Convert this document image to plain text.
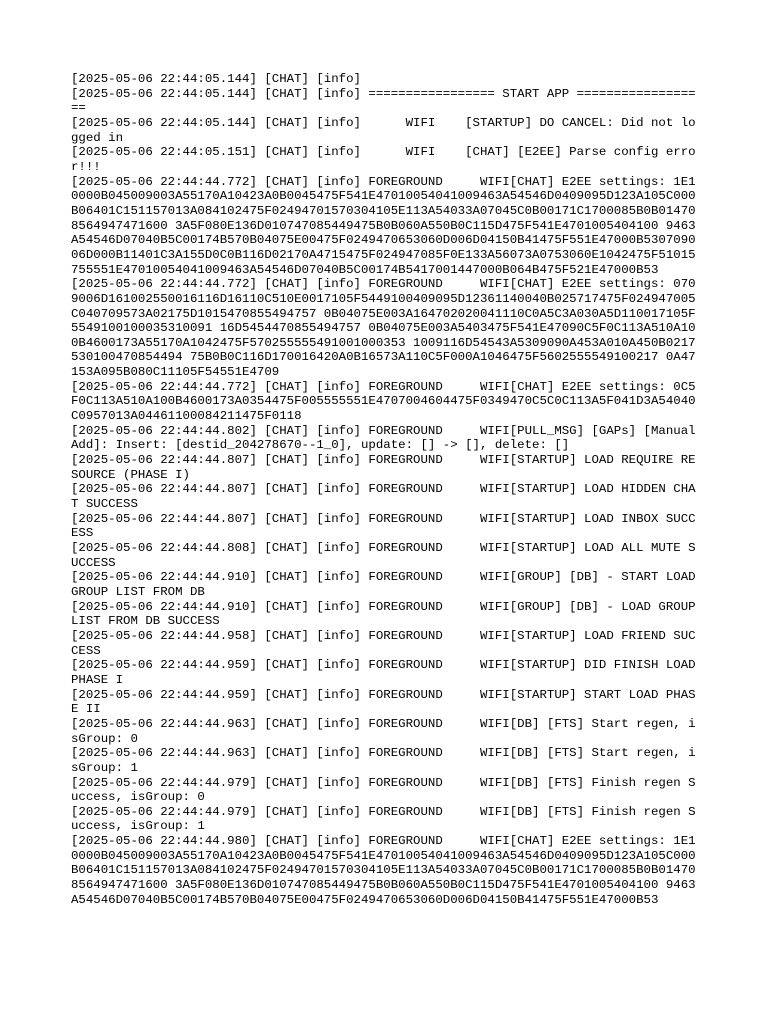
[2025-05-06 22:44:05.144] [CHAT] [info]

[2025-05-06 22:44:05.144] [CHAT] [info] ================= START APP ==================

[2025-05-06 22:44:05.144] [CHAT] [info]      WIFI    [STARTUP] DO CANCEL: Did not logged in

[2025-05-06 22:44:05.151] [CHAT] [info]      WIFI    [CHAT] [E2EE] Parse config error!!!

[2025-05-06 22:44:44.772] [CHAT] [info] FOREGROUND     WIFI[CHAT] E2EE settings: 1E10000B045009003A55170A10423A0B0045475F541E47010054041009463A54546D0409095D123A105C000B06401C151157013A084102475F02494701570304105E113A54033A07045C0B00171C1700085B0B014708564947471600 3A5F080E136D010747085449475B0B060A550B0C115D475F541E4701005404100 9463A54546D07040B5C00174B570B04075E00475F0249470653060D006D04150B41475F551E47000B530709006D000B11401C3A155D0C0B116D02170A4715475F024947085F0E133A56073A0753060E1042475F51015755551E47010054041009463A54546D07040B5C00174B5417001447000B064B475F521E47000B53

[2025-05-06 22:44:44.772] [CHAT] [info] FOREGROUND     WIFI[CHAT] E2EE settings: 0709006D161002550016116D16110C510E0017105F5449100409095D12361140040B025717475F024947005C040709573A02175D1015470855494757 0B04075E003A164702020041110C0A5C3A030A5D110017105F5549100100035310091 16D5454470855494757 0B04075E003A5403475F541E47090C5F0C113A510A100B4600173A55170A1042475F570255555491001000353 1009116D54543A5309090A453A010A450B0217530100470854494 75B0B0C116D170016420A0B16573A110C5F000A1046475F5602555549100217 0A47153A095B080C11105F54551E4709

[2025-05-06 22:44:44.772] [CHAT] [info] FOREGROUND     WIFI[CHAT] E2EE settings: 0C5F0C113A510A100B4600173A0354475F005555551E4707004604475F0349470C5C0C113A5F041D3A54040C0957013A04461100084211475F0118

[2025-05-06 22:44:44.802] [CHAT] [info] FOREGROUND     WIFI[PULL_MSG] [GAPs] [ManualAdd]: Insert: [destid_204278670--1_0], update: [] -> [], delete: []

[2025-05-06 22:44:44.807] [CHAT] [info] FOREGROUND     WIFI[STARTUP] LOAD REQUIRE RESOURCE (PHASE I)

[2025-05-06 22:44:44.807] [CHAT] [info] FOREGROUND     WIFI[STARTUP] LOAD HIDDEN CHAT SUCCESS

[2025-05-06 22:44:44.807] [CHAT] [info] FOREGROUND     WIFI[STARTUP] LOAD INBOX SUCCESS

[2025-05-06 22:44:44.808] [CHAT] [info] FOREGROUND     WIFI[STARTUP] LOAD ALL MUTE SUCCESS

[2025-05-06 22:44:44.910] [CHAT] [info] FOREGROUND     WIFI[GROUP] [DB] - START LOAD GROUP LIST FROM DB

[2025-05-06 22:44:44.910] [CHAT] [info] FOREGROUND     WIFI[GROUP] [DB] - LOAD GROUP LIST FROM DB SUCCESS

[2025-05-06 22:44:44.958] [CHAT] [info] FOREGROUND     WIFI[STARTUP] LOAD FRIEND SUCCESS

[2025-05-06 22:44:44.959] [CHAT] [info] FOREGROUND     WIFI[STARTUP] DID FINISH LOAD PHASE I

[2025-05-06 22:44:44.959] [CHAT] [info] FOREGROUND     WIFI[STARTUP] START LOAD PHASE II

[2025-05-06 22:44:44.963] [CHAT] [info] FOREGROUND     WIFI[DB] [FTS] Start regen, isGroup: 0

[2025-05-06 22:44:44.963] [CHAT] [info] FOREGROUND     WIFI[DB] [FTS] Start regen, isGroup: 1

[2025-05-06 22:44:44.979] [CHAT] [info] FOREGROUND     WIFI[DB] [FTS] Finish regen Success, isGroup: 0

[2025-05-06 22:44:44.979] [CHAT] [info] FOREGROUND     WIFI[DB] [FTS] Finish regen Success, isGroup: 1

[2025-05-06 22:44:44.980] [CHAT] [info] FOREGROUND     WIFI[CHAT] E2EE settings: 1E10000B045009003A55170A10423A0B0045475F541E47010054041009463A54546D0409095D123A105C000B06401C151157013A084102475F02494701570304105E113A54033A07045C0B00171C1700085B0B014708564947471600 3A5F080E136D010747085449475B0B060A550B0C115D475F541E4701005404100 9463A54546D07040B5C00174B570B04075E00475F0249470653060D006D04150B41475F551E47000B53
